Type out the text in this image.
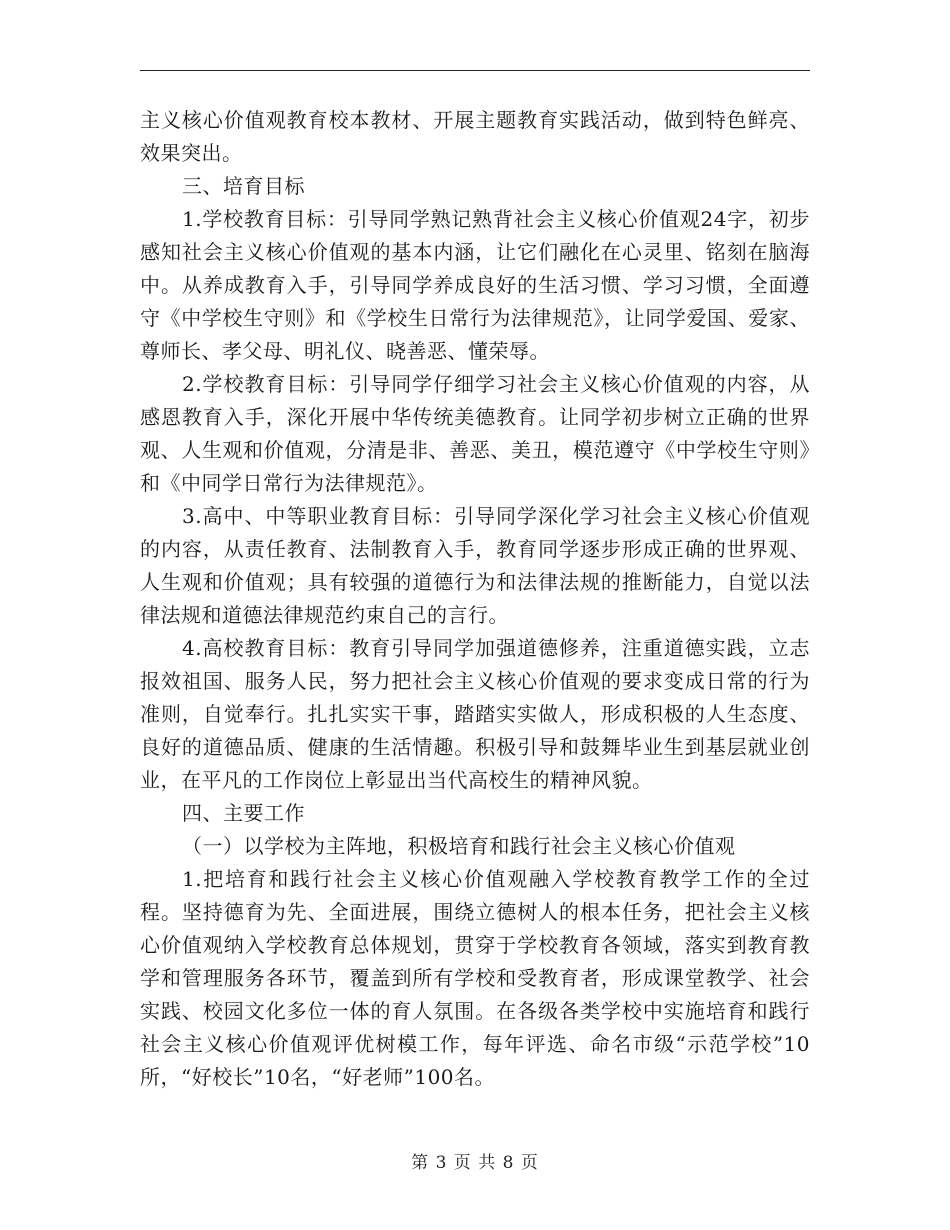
主义核心价值观教育校本教材、开展主题教育实践活动，做到特色鲜亮、效果突出。

三、培育目标

1.学校教育目标：引导同学熟记熟背社会主义核心价值观24字，初步感知社会主义核心价值观的基本内涵，让它们融化在心灵里、铭刻在脑海中。从养成教育入手，引导同学养成良好的生活习惯、学习习惯，全面遵守《中学校生守则》和《学校生日常行为法律规范》，让同学爱国、爱家、尊师长、孝父母、明礼仪、晓善恶、懂荣辱。

2.学校教育目标：引导同学仔细学习社会主义核心价值观的内容，从感恩教育入手，深化开展中华传统美德教育。让同学初步树立正确的世界观、人生观和价值观，分清是非、善恶、美丑，模范遵守《中学校生守则》和《中同学日常行为法律规范》。

3.高中、中等职业教育目标：引导同学深化学习社会主义核心价值观的内容，从责任教育、法制教育入手，教育同学逐步形成正确的世界观、人生观和价值观；具有较强的道德行为和法律法规的推断能力，自觉以法律法规和道德法律规范约束自己的言行。

4.高校教育目标：教育引导同学加强道德修养，注重道德实践，立志报效祖国、服务人民，努力把社会主义核心价值观的要求变成日常的行为准则，自觉奉行。扎扎实实干事，踏踏实实做人，形成积极的人生态度、良好的道德品质、健康的生活情趣。积极引导和鼓舞毕业生到基层就业创业，在平凡的工作岗位上彰显出当代高校生的精神风貌。

四、主要工作

（一）以学校为主阵地，积极培育和践行社会主义核心价值观

1.把培育和践行社会主义核心价值观融入学校教育教学工作的全过程。坚持德育为先、全面进展，围绕立德树人的根本任务，把社会主义核心价值观纳入学校教育总体规划，贯穿于学校教育各领域，落实到教育教学和管理服务各环节，覆盖到所有学校和受教育者，形成课堂教学、社会实践、校园文化多位一体的育人氛围。在各级各类学校中实施培育和践行社会主义核心价值观评优树模工作，每年评选、命名市级“示范学校”10所，“好校长”10名，“好老师”100名。

第 3 页 共 8 页
